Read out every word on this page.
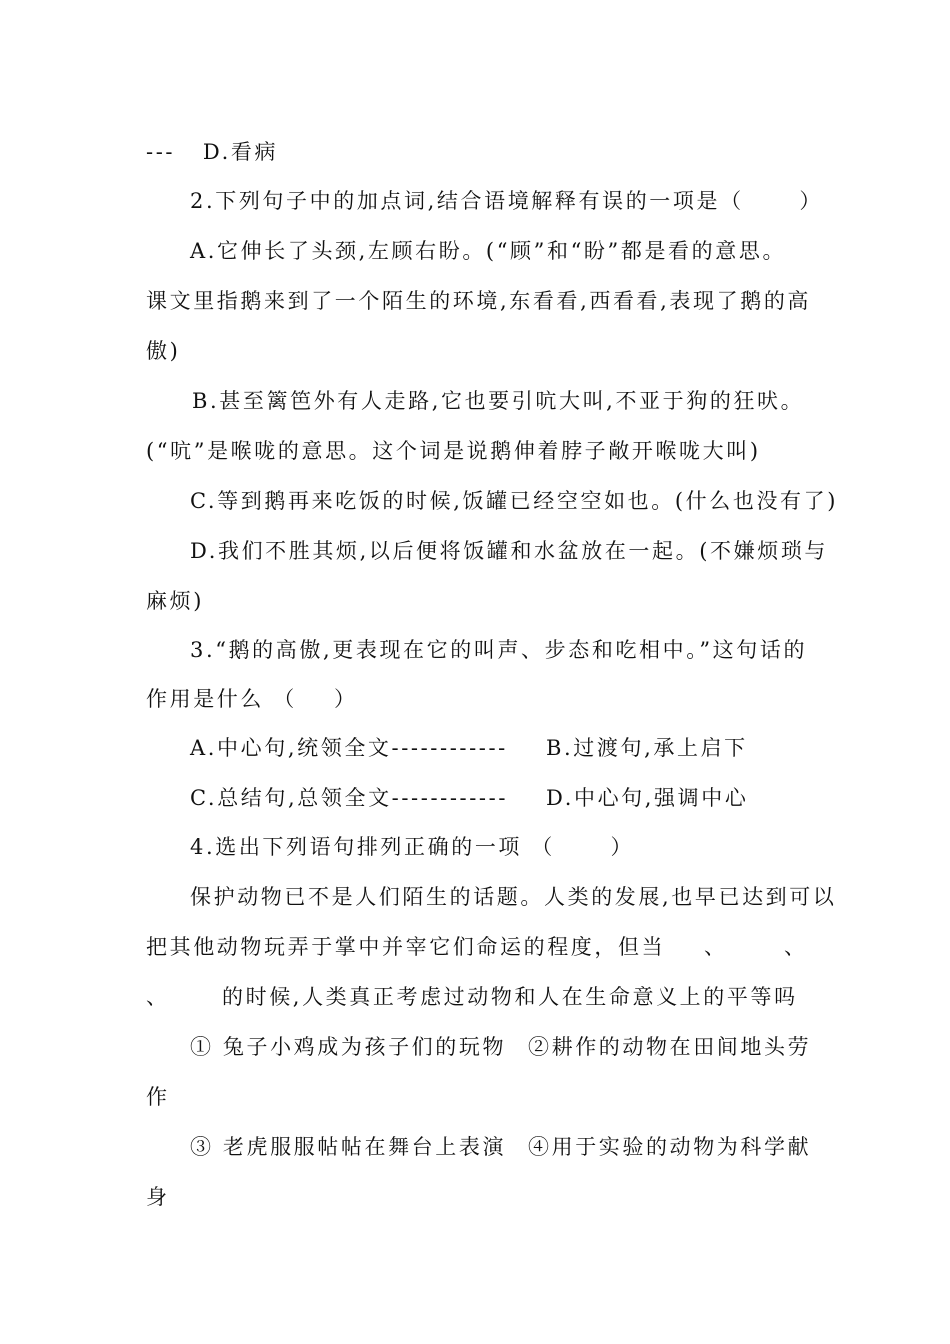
---   D.看病
2.下列句子中的加点词,结合语境解释有误的一项是（      ）
A.它伸长了头颈,左顾右盼。(“顾”和“盼”都是看的意思。
课文里指鹅来到了一个陌生的环境,东看看,西看看,表现了鹅的高
傲)
B.甚至篱笆外有人走路,它也要引吭大叫,不亚于狗的狂吠。
(“吭”是喉咙的意思。这个词是说鹅伸着脖子敞开喉咙大叫)
C.等到鹅再来吃饭的时候,饭罐已经空空如也。(什么也没有了)
D.我们不胜其烦,以后便将饭罐和水盆放在一起。(不嫌烦琐与
麻烦)
3.“鹅的高傲,更表现在它的叫声、步态和吃相中。”这句话的
作用是什么 （    ）
A.中心句,统领全文------------ B.过渡句,承上启下
C.总结句,总领全文------------ D.中心句,强调中心
4.选出下列语句排列正确的一项 （      ）
保护动物已不是人们陌生的话题。人类的发展,也早已达到可以
把其他动物玩弄于掌中并宰它们命运的程度，但当 、	、
、 的时候,人类真正考虑过动物和人在生命意义上的平等吗
① 兔子小鸡成为孩子们的玩物 ②耕作的动物在田间地头劳
作
③ 老虎服服帖帖在舞台上表演 ④用于实验的动物为科学献
身
